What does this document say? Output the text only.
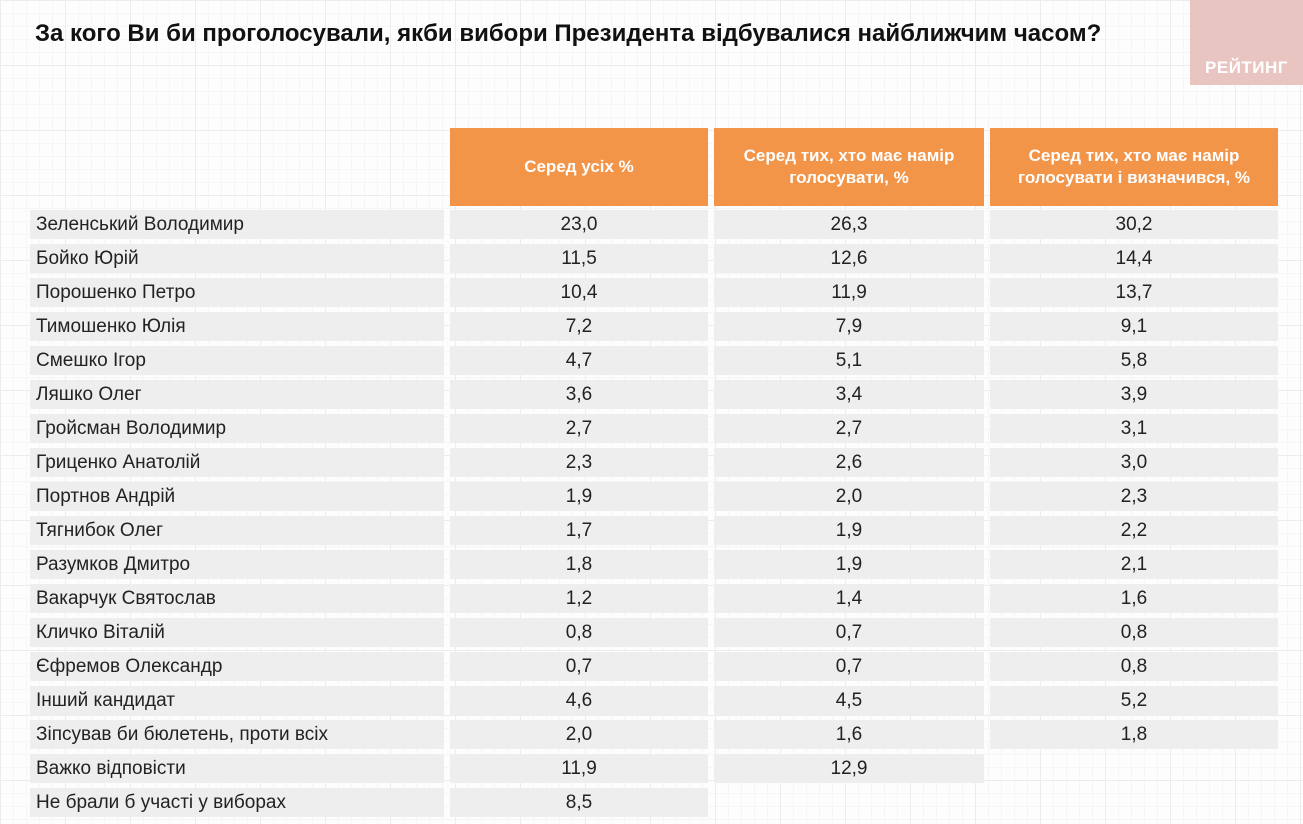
За кого Ви би проголосували, якби вибори Президента відбувалися найближчим часом?
РЕЙТИНГ
Серед усіх %
Серед тих, хто має намір голосувати, %
Серед тих, хто має намір голосувати і визначився, %
Зеленський Володимир	23,0	26,3	30,2
Бойко Юрій	11,5	12,6	14,4
Порошенко Петро	10,4	11,9	13,7
Тимошенко Юлія	7,2	7,9	9,1
Смешко Ігор	4,7	5,1	5,8
Ляшко Олег	3,6	3,4	3,9
Гройсман Володимир	2,7	2,7	3,1
Гриценко Анатолій	2,3	2,6	3,0
Портнов Андрій	1,9	2,0	2,3
Тягнибок Олег	1,7	1,9	2,2
Разумков Дмитро	1,8	1,9	2,1
Вакарчук Святослав	1,2	1,4	1,6
Кличко Віталій	0,8	0,7	0,8
Єфремов Олександр	0,7	0,7	0,8
Інший кандидат	4,6	4,5	5,2
Зіпсував би бюлетень, проти всіх	2,0	1,6	1,8
Важко відповісти	11,9	12,9
Не брали б участі у виборах	8,5
